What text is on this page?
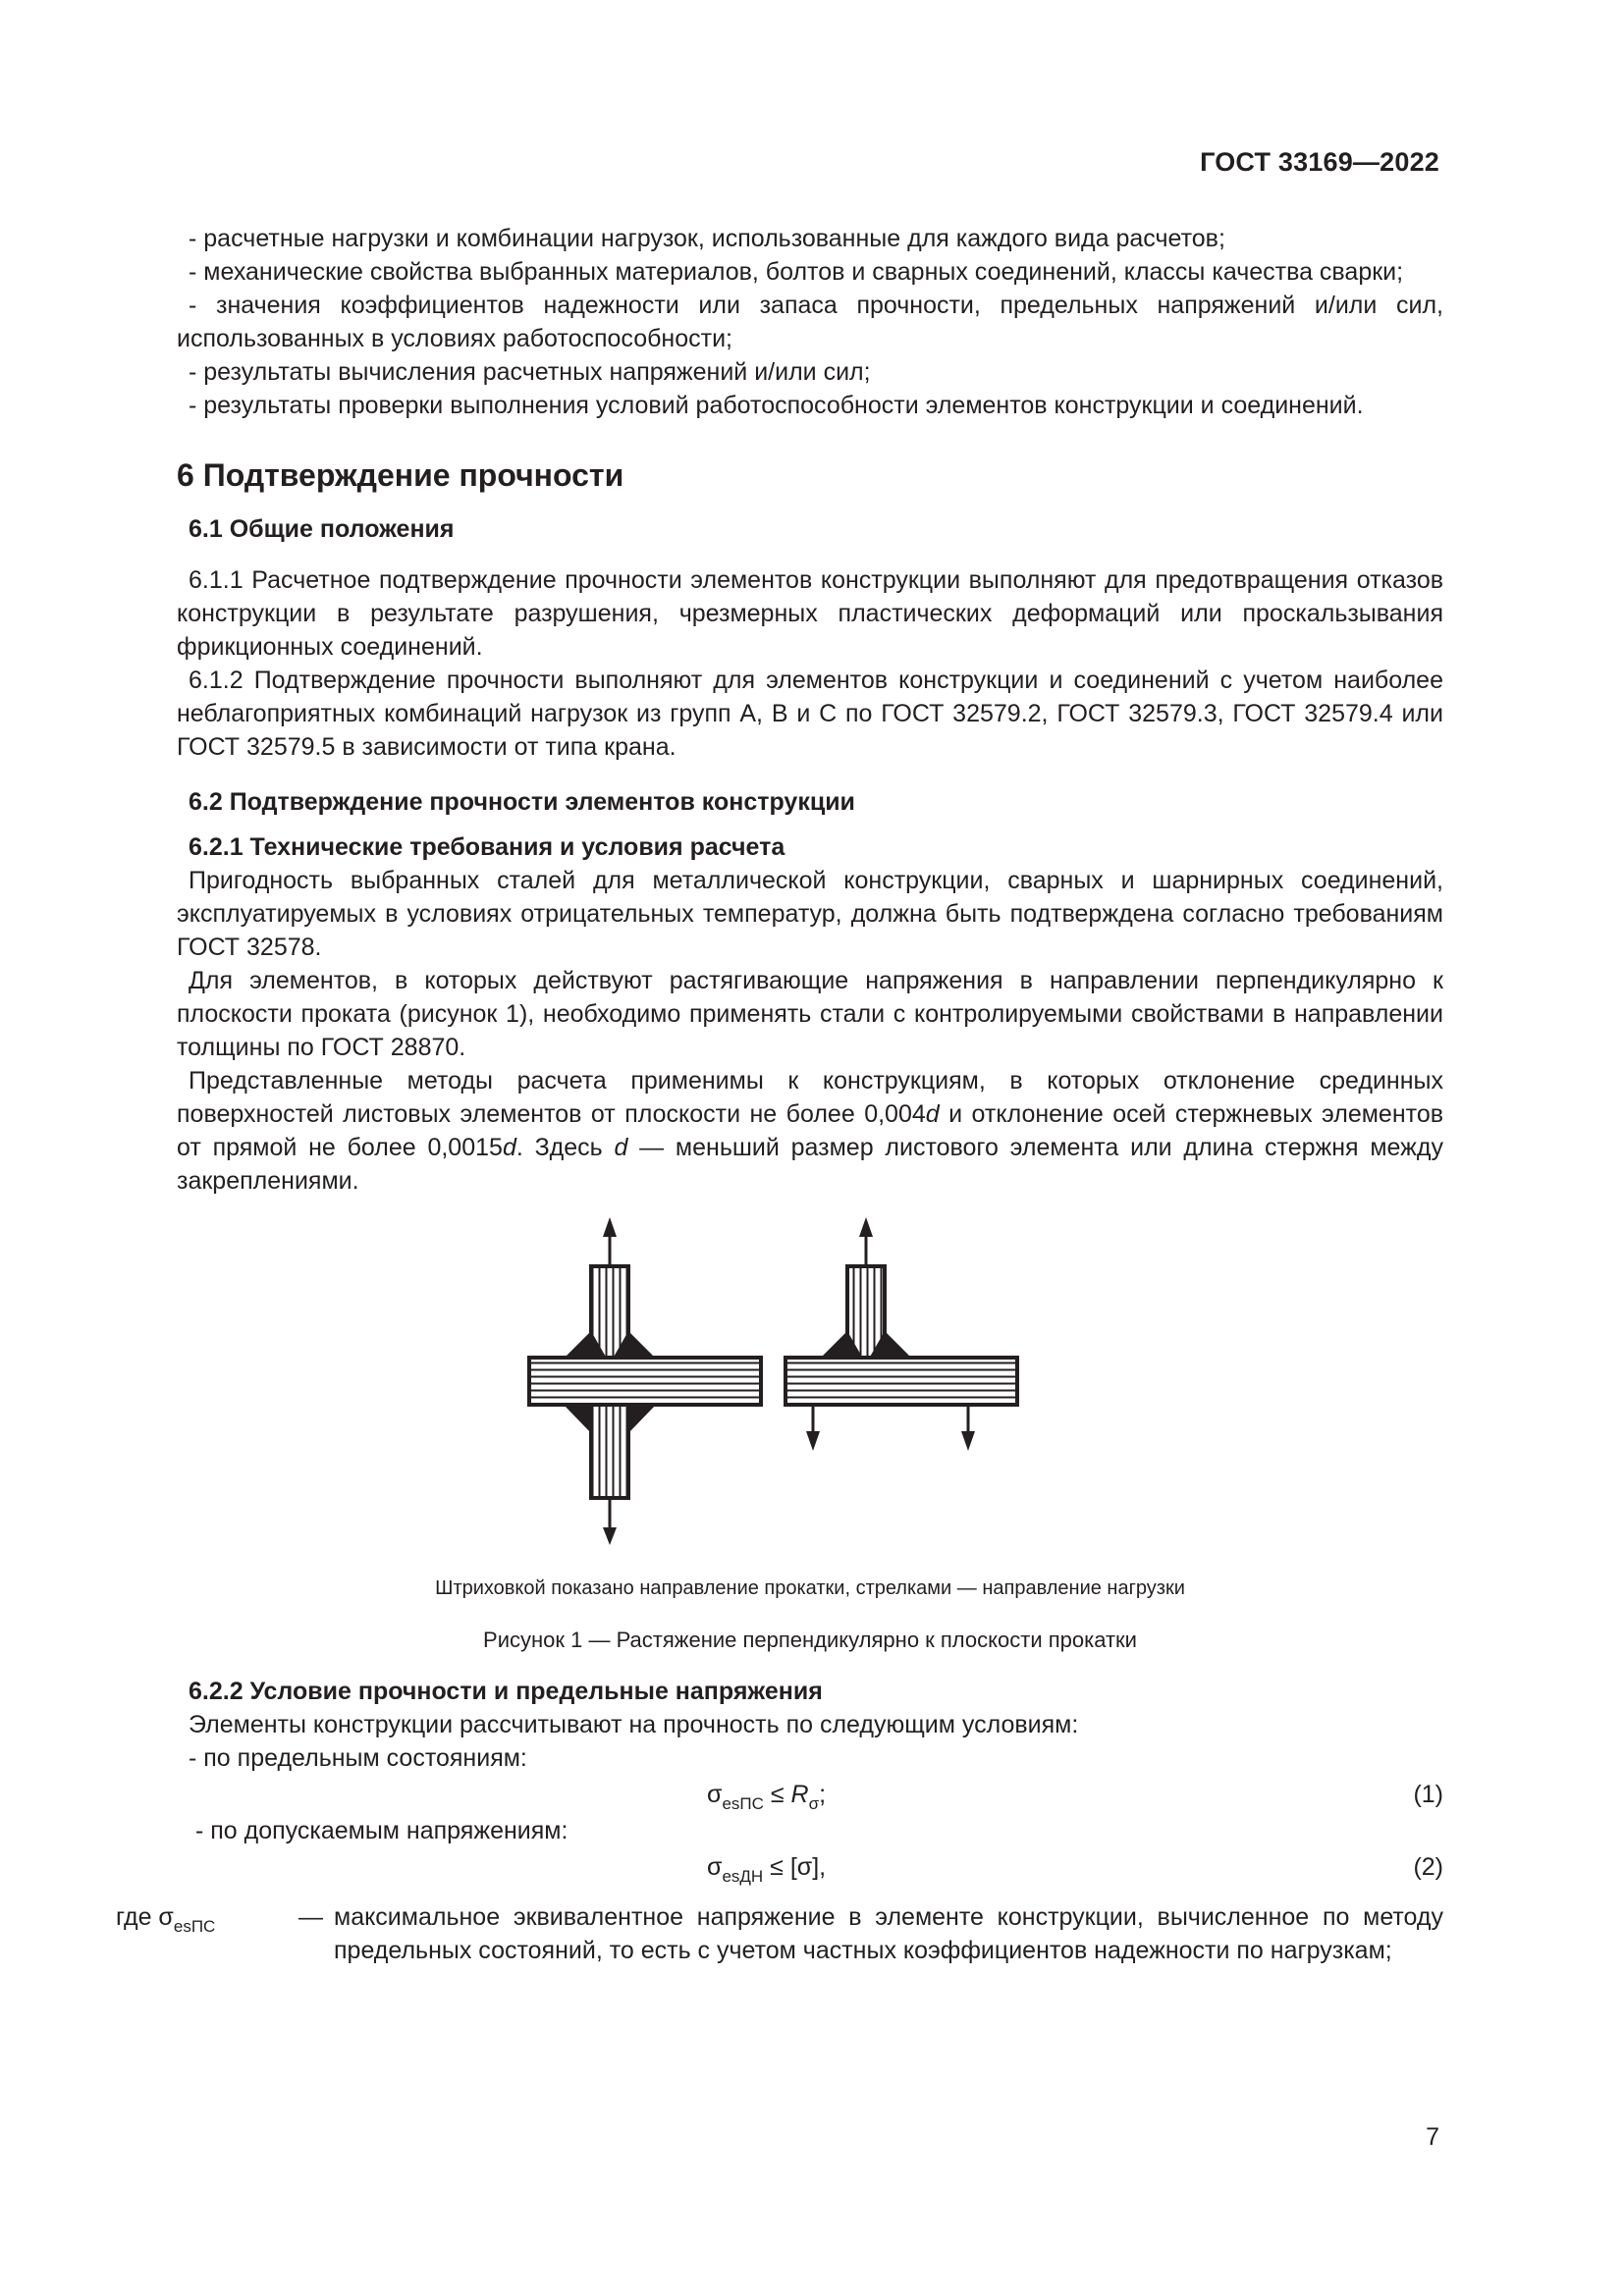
ГОСТ 33169—2022

- расчетные нагрузки и комбинации нагрузок, использованные для каждого вида расчетов;

- механические свойства выбранных материалов, болтов и сварных соединений, классы качества сварки;

- значения коэффициентов надежности или запаса прочности, предельных напряжений и/или сил, использованных в условиях работоспособности;

- результаты вычисления расчетных напряжений и/или сил;

- результаты проверки выполнения условий работоспособности элементов конструкции и соединений.

6 Подтверждение прочности
6.1 Общие положения

6.1.1 Расчетное подтверждение прочности элементов конструкции выполняют для предотвращения отказов конструкции в результате разрушения, чрезмерных пластических деформаций или проскальзывания фрикционных соединений.

6.1.2 Подтверждение прочности выполняют для элементов конструкции и соединений с учетом наиболее неблагоприятных комбинаций нагрузок из групп А, В и С по ГОСТ 32579.2, ГОСТ 32579.3, ГОСТ 32579.4 или ГОСТ 32579.5 в зависимости от типа крана.

6.2 Подтверждение прочности элементов конструкции
6.2.1 Технические требования и условия расчета

Пригодность выбранных сталей для металлической конструкции, сварных и шарнирных соединений, эксплуатируемых в условиях отрицательных температур, должна быть подтверждена согласно требованиям ГОСТ 32578.

Для элементов, в которых действуют растягивающие напряжения в направлении перпендикулярно к плоскости проката (рисунок 1), необходимо применять стали с контролируемыми свойствами в направлении толщины по ГОСТ 28870.

Представленные методы расчета применимы к конструкциям, в которых отклонение срединных поверхностей листовых элементов от плоскости не более 0,004d и отклонение осей стержневых элементов от прямой не более 0,0015d. Здесь d — меньший размер листового элемента или длина стержня между закреплениями.

Штриховкой показано направление прокатки, стрелками — направление нагрузки
Рисунок 1 — Растяжение перпендикулярно к плоскости прокатки
6.2.2 Условие прочности и предельные напряжения

Элементы конструкции рассчитывают на прочность по следующим условиям:

- по предельным состояниям:

$\sigma_{esПС} \le R_\sigma$;	(1)

- по допускаемым напряжениям:

$\sigma_{esДН} \le [\sigma]$,	(2)
где $\sigma_{esПС}$	— максимальное эквивалентное напряжение в элементе конструкции, вычисленное по методу предельных состояний, то есть с учетом частных коэффициентов надежности по нагрузкам;
7
